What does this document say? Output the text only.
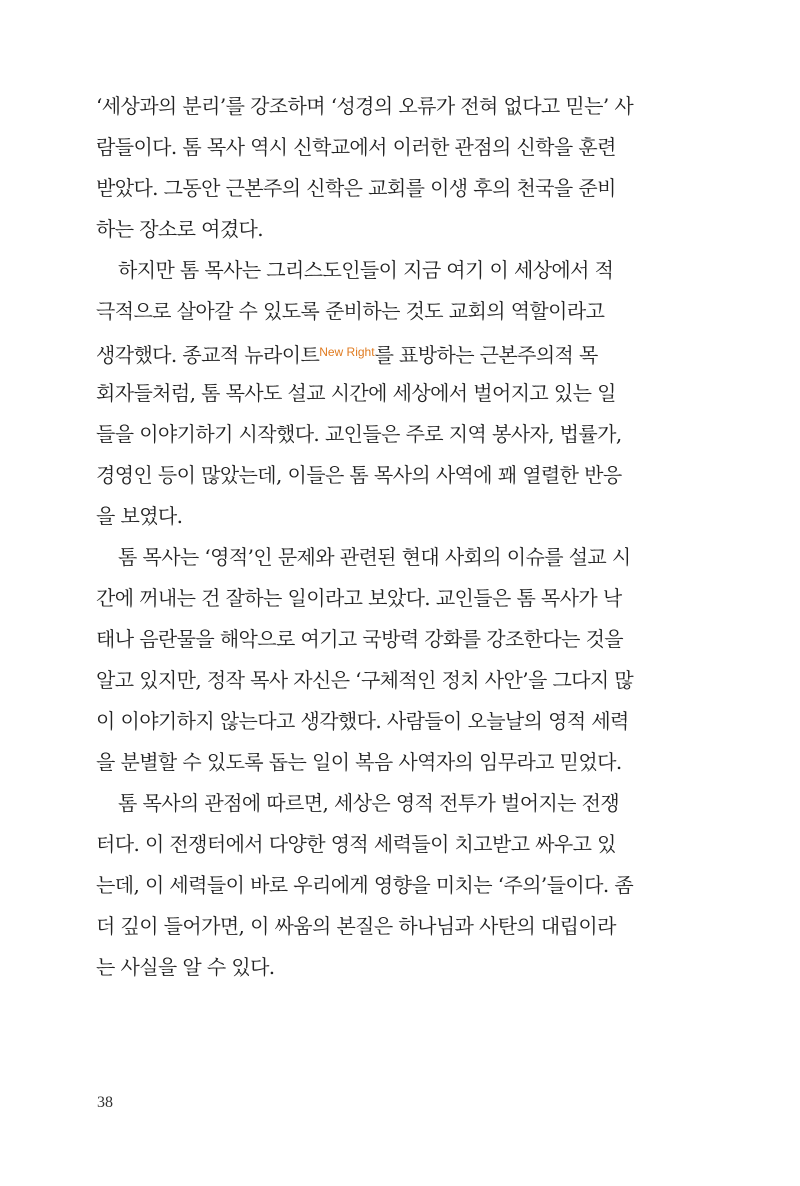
‘세상과의 분리’를 강조하며 ‘성경의 오류가 전혀 없다고 믿는’ 사
람들이다. 톰 목사 역시 신학교에서 이러한 관점의 신학을 훈련
받았다. 그동안 근본주의 신학은 교회를 이생 후의 천국을 준비
하는 장소로 여겼다.
하지만 톰 목사는 그리스도인들이 지금 여기 이 세상에서 적
극적으로 살아갈 수 있도록 준비하는 것도 교회의 역할이라고
생각했다. 종교적 뉴라이트$^{New Right}$를 표방하는 근본주의적 목
회자들처럼, 톰 목사도 설교 시간에 세상에서 벌어지고 있는 일
들을 이야기하기 시작했다. 교인들은 주로 지역 봉사자, 법률가,
경영인 등이 많았는데, 이들은 톰 목사의 사역에 꽤 열렬한 반응
을 보였다.
톰 목사는 ‘영적’인 문제와 관련된 현대 사회의 이슈를 설교 시
간에 꺼내는 건 잘하는 일이라고 보았다. 교인들은 톰 목사가 낙
태나 음란물을 해악으로 여기고 국방력 강화를 강조한다는 것을
알고 있지만, 정작 목사 자신은 ‘구체적인 정치 사안’을 그다지 많
이 이야기하지 않는다고 생각했다. 사람들이 오늘날의 영적 세력
을 분별할 수 있도록 돕는 일이 복음 사역자의 임무라고 믿었다.
톰 목사의 관점에 따르면, 세상은 영적 전투가 벌어지는 전쟁
터다. 이 전쟁터에서 다양한 영적 세력들이 치고받고 싸우고 있
는데, 이 세력들이 바로 우리에게 영향을 미치는 ‘주의’들이다. 좀
더 깊이 들어가면, 이 싸움의 본질은 하나님과 사탄의 대립이라
는 사실을 알 수 있다.
38
